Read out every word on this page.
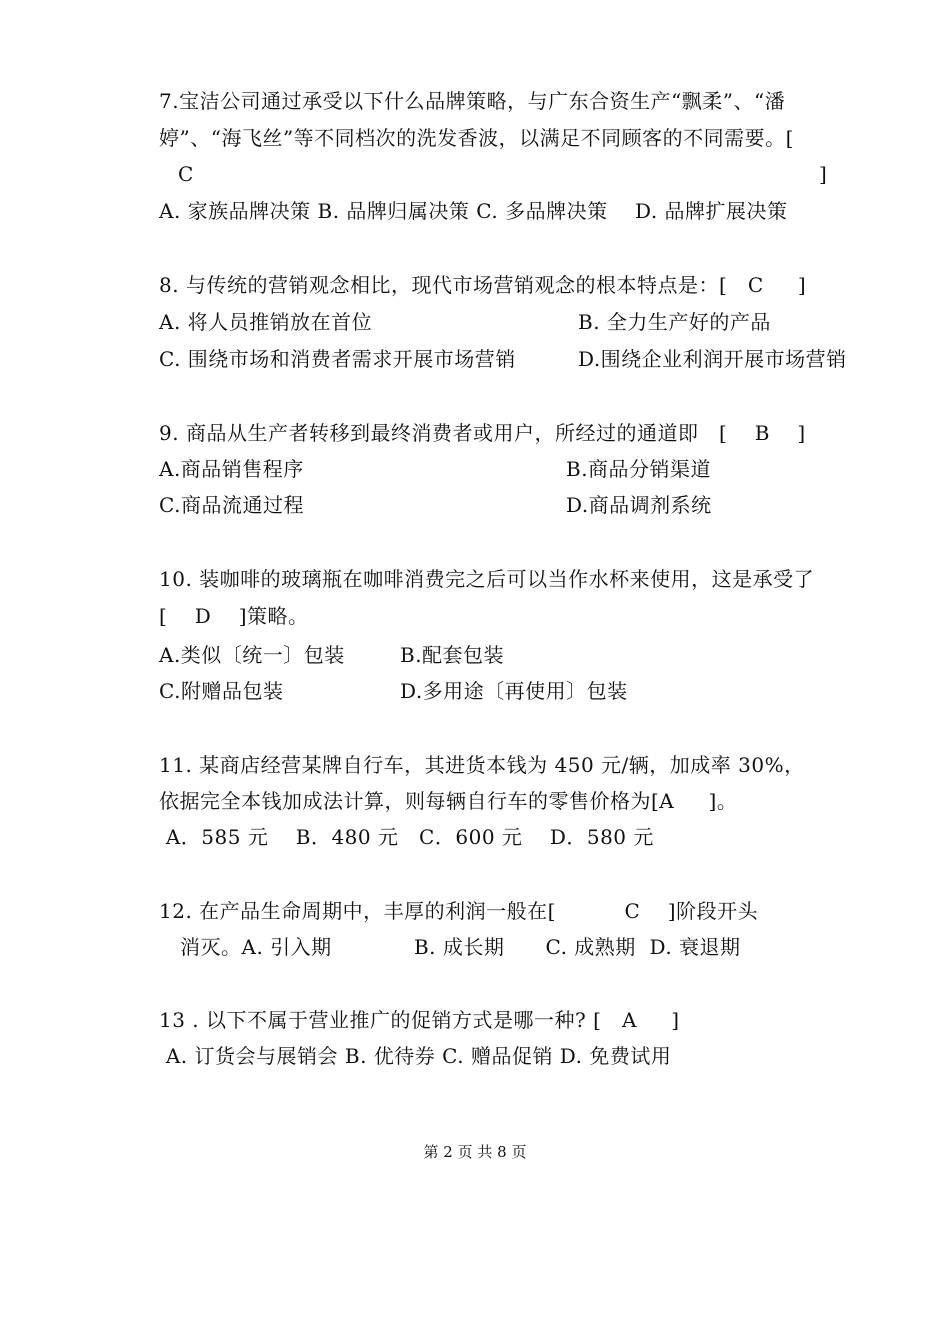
7.宝洁公司通过承受以下什么品牌策略，与广东合资生产“飘柔”、“潘
婷”、“海飞丝”等不同档次的洗发香波，以满足不同顾客的不同需要。[
C	]
A. 家族品牌决策 B. 品牌归属决策 C. 多品牌决策    D. 品牌扩展决策
8. 与传统的营销观念相比，现代市场营销观念的根本特点是：[   C     ]
A. 将人员推销放在首位	B. 全力生产好的产品
C. 围绕市场和消费者需求开展市场营销	D.围绕企业利润开展市场营销
9. 商品从生产者转移到最终消费者或用户，所经过的通道即   [    B    ]
A.商品销售程序	B.商品分销渠道
C.商品流通过程	D.商品调剂系统
10. 装咖啡的玻璃瓶在咖啡消费完之后可以当作水杯来使用，这是承受了
[    D    ]策略。
A.类似〔统一〕包装	B.配套包装
C.附赠品包装	D.多用途〔再使用〕包装
11. 某商店经营某牌自行车，其进货本钱为 450 元/辆，加成率 30%，
依据完全本钱加成法计算，则每辆自行车的零售价格为[A     ]。
A．585 元    B．480 元   C．600 元    D．580 元
12. 在产品生命周期中，丰厚的利润一般在[          C    ]阶段开头
消灭。A. 引入期            B. 成长期      C. 成熟期  D. 衰退期
13 . 以下不属于营业推广的促销方式是哪一种? [   A     ]
A. 订货会与展销会 B. 优待券 C. 赠品促销 D. 免费试用
第 2 页 共 8 页
